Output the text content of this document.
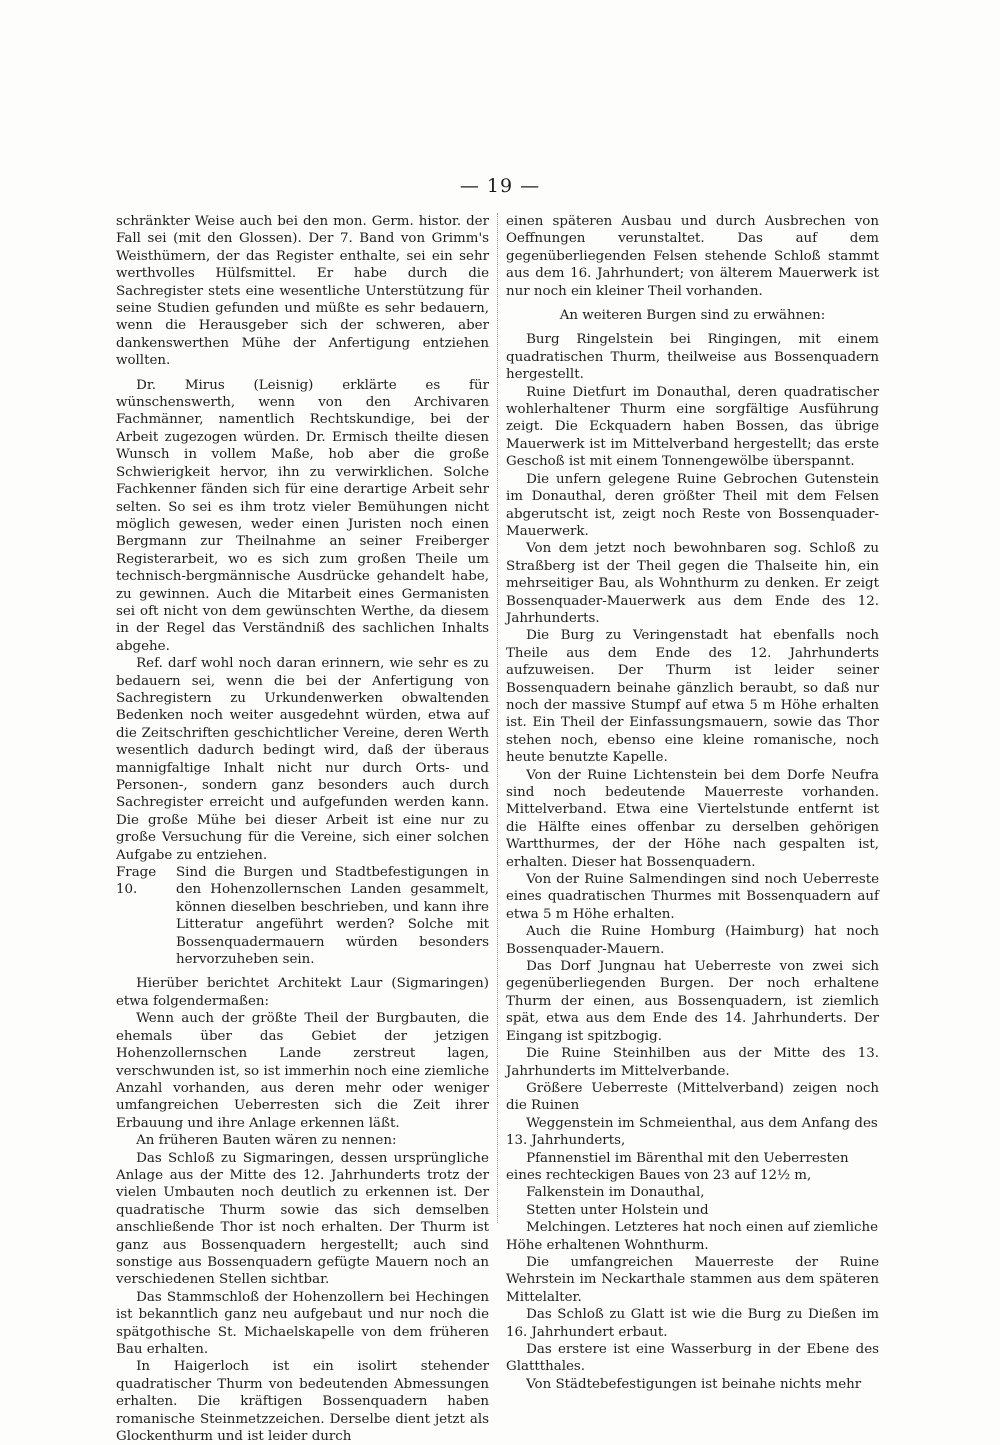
— 19 —

schränkter Weise auch bei den mon. Germ. histor. der Fall sei (mit den Glossen). Der 7. Band von Grimm's Weisthümern, der das Register enthalte, sei ein sehr werthvolles Hülfsmittel. Er habe durch die Sachregister stets eine wesentliche Unterstützung für seine Studien gefunden und müßte es sehr bedauern, wenn die Herausgeber sich der schweren, aber dankenswerthen Mühe der Anfertigung entziehen wollten.

Dr. Mirus (Leisnig) erklärte es für wünschenswerth, wenn von den Archivaren Fachmänner, namentlich Rechtskundige, bei der Arbeit zugezogen würden. Dr. Ermisch theilte diesen Wunsch in vollem Maße, hob aber die große Schwierigkeit hervor, ihn zu verwirklichen. Solche Fachkenner fänden sich für eine derartige Arbeit sehr selten. So sei es ihm trotz vieler Bemühungen nicht möglich gewesen, weder einen Juristen noch einen Bergmann zur Theilnahme an seiner Freiberger Registerarbeit, wo es sich zum großen Theile um technisch-bergmännische Ausdrücke gehandelt habe, zu gewinnen. Auch die Mitarbeit eines Germanisten sei oft nicht von dem gewünschten Werthe, da diesem in der Regel das Verständniß des sachlichen Inhalts abgehe.

Ref. darf wohl noch daran erinnern, wie sehr es zu bedauern sei, wenn die bei der Anfertigung von Sachregistern zu Urkundenwerken obwaltenden Bedenken noch weiter ausgedehnt würden, etwa auf die Zeitschriften geschichtlicher Vereine, deren Werth wesentlich dadurch bedingt wird, daß der überaus mannigfaltige Inhalt nicht nur durch Orts- und Personen-, sondern ganz besonders auch durch Sachregister erreicht und aufgefunden werden kann. Die große Mühe bei dieser Arbeit ist eine nur zu große Versuchung für die Vereine, sich einer solchen Aufgabe zu entziehen.

Frage 10.
Sind die Burgen und Stadtbefestigungen in den Hohenzollernschen Landen gesammelt, können dieselben beschrieben, und kann ihre Litteratur angeführt werden? Solche mit Bossenquadermauern würden besonders hervorzuheben sein.

Hierüber berichtet Architekt Laur (Sigmaringen) etwa folgendermaßen:

Wenn auch der größte Theil der Burgbauten, die ehemals über das Gebiet der jetzigen Hohenzollernschen Lande zerstreut lagen, verschwunden ist, so ist immerhin noch eine ziemliche Anzahl vorhanden, aus deren mehr oder weniger umfangreichen Ueberresten sich die Zeit ihrer Erbauung und ihre Anlage erkennen läßt.

An früheren Bauten wären zu nennen:

Das Schloß zu Sigmaringen, dessen ursprüngliche Anlage aus der Mitte des 12. Jahrhunderts trotz der vielen Umbauten noch deutlich zu erkennen ist. Der quadratische Thurm sowie das sich demselben anschließende Thor ist noch erhalten. Der Thurm ist ganz aus Bossenquadern hergestellt; auch sind sonstige aus Bossenquadern gefügte Mauern noch an verschiedenen Stellen sichtbar.

Das Stammschloß der Hohenzollern bei Hechingen ist bekanntlich ganz neu aufgebaut und nur noch die spätgothische St. Michaelskapelle von dem früheren Bau erhalten.

In Haigerloch ist ein isolirt stehender quadratischer Thurm von bedeutenden Abmessungen erhalten. Die kräftigen Bossenquadern haben romanische Steinmetzzeichen. Derselbe dient jetzt als Glockenthurm und ist leider durch

einen späteren Ausbau und durch Ausbrechen von Oeffnungen verunstaltet. Das auf dem gegenüberliegenden Felsen stehende Schloß stammt aus dem 16. Jahrhundert; von älterem Mauerwerk ist nur noch ein kleiner Theil vorhanden.

An weiteren Burgen sind zu erwähnen:

Burg Ringelstein bei Ringingen, mit einem quadratischen Thurm, theilweise aus Bossenquadern hergestellt.

Ruine Dietfurt im Donauthal, deren quadratischer wohlerhaltener Thurm eine sorgfältige Ausführung zeigt. Die Eckquadern haben Bossen, das übrige Mauerwerk ist im Mittelverband hergestellt; das erste Geschoß ist mit einem Tonnengewölbe überspannt.

Die unfern gelegene Ruine Gebrochen Gutenstein im Donauthal, deren größter Theil mit dem Felsen abgerutscht ist, zeigt noch Reste von Bossenquader-Mauerwerk.

Von dem jetzt noch bewohnbaren sog. Schloß zu Straßberg ist der Theil gegen die Thalseite hin, ein mehrseitiger Bau, als Wohnthurm zu denken. Er zeigt Bossenquader-Mauerwerk aus dem Ende des 12. Jahrhunderts.

Die Burg zu Veringenstadt hat ebenfalls noch Theile aus dem Ende des 12. Jahrhunderts aufzuweisen. Der Thurm ist leider seiner Bossenquadern beinahe gänzlich beraubt, so daß nur noch der massive Stumpf auf etwa 5 m Höhe erhalten ist. Ein Theil der Einfassungsmauern, sowie das Thor stehen noch, ebenso eine kleine romanische, noch heute benutzte Kapelle.

Von der Ruine Lichtenstein bei dem Dorfe Neufra sind noch bedeutende Mauerreste vorhanden. Mittelverband. Etwa eine Viertelstunde entfernt ist die Hälfte eines offenbar zu derselben gehörigen Wartthurmes, der der Höhe nach gespalten ist, erhalten. Dieser hat Bossenquadern.

Von der Ruine Salmendingen sind noch Ueberreste eines quadratischen Thurmes mit Bossenquadern auf etwa 5 m Höhe erhalten.

Auch die Ruine Homburg (Haimburg) hat noch Bossenquader-Mauern.

Das Dorf Jungnau hat Ueberreste von zwei sich gegenüberliegenden Burgen. Der noch erhaltene Thurm der einen, aus Bossenquadern, ist ziemlich spät, etwa aus dem Ende des 14. Jahrhunderts. Der Eingang ist spitzbogig.

Die Ruine Steinhilben aus der Mitte des 13. Jahrhunderts im Mittelverbande.

Größere Ueberreste (Mittelverband) zeigen noch die Ruinen

Weggenstein im Schmeienthal, aus dem Anfang des 13. Jahrhunderts,

Pfannenstiel im Bärenthal mit den Ueberresten eines rechteckigen Baues von 23 auf 12½ m,

Falkenstein im Donauthal,

Stetten unter Holstein und

Melchingen. Letzteres hat noch einen auf ziemliche Höhe erhaltenen Wohnthurm.

Die umfangreichen Mauerreste der Ruine Wehrstein im Neckarthale stammen aus dem späteren Mittelalter.

Das Schloß zu Glatt ist wie die Burg zu Dießen im 16. Jahrhundert erbaut.

Das erstere ist eine Wasserburg in der Ebene des Glattthales.

Von Städtebefestigungen ist beinahe nichts mehr
